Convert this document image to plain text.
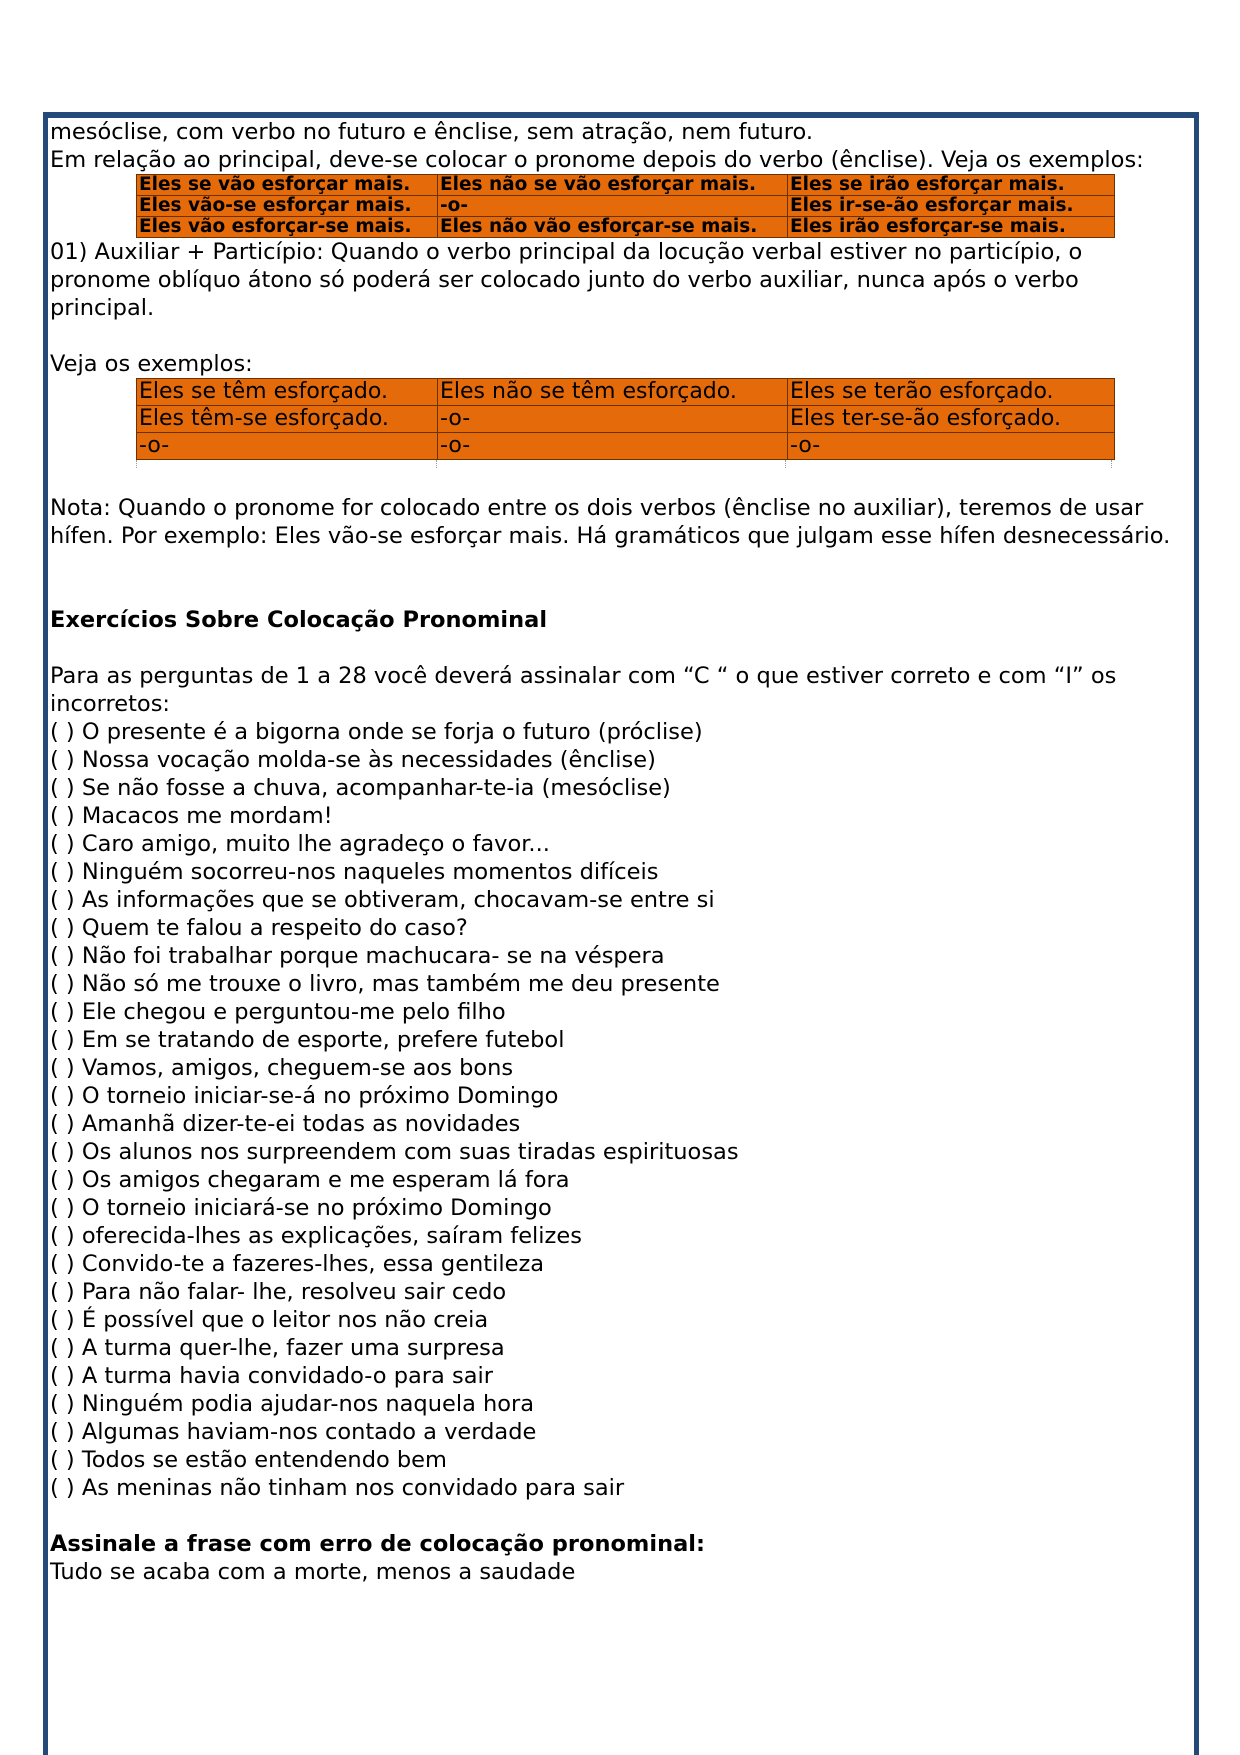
mesóclise, com verbo no futuro e ênclise, sem atração, nem futuro.

Em relação ao principal, deve-se colocar o pronome depois do verbo (ênclise). Veja os exemplos:

Eles se vão esforçar mais.	Eles não se vão esforçar mais.	Eles se irão esforçar mais.
Eles vão-se esforçar mais.	-o-	Eles ir-se-ão esforçar mais.
Eles vão esforçar-se mais.	Eles não vão esforçar-se mais.	Eles irão esforçar-se mais.

01) Auxiliar + Particípio: Quando o verbo principal da locução verbal estiver no particípio, o pronome oblíquo átono só poderá ser colocado junto do verbo auxiliar, nunca após o verbo principal.

Veja os exemplos:

Eles se têm esforçado.	Eles não se têm esforçado.	Eles se terão esforçado.
Eles têm-se esforçado.	-o-	Eles ter-se-ão esforçado.
-o-	-o-	-o-

Nota: Quando o pronome for colocado entre os dois verbos (ênclise no auxiliar), teremos de usar hífen. Por exemplo: Eles vão-se esforçar mais. Há gramáticos que julgam esse hífen desnecessário.

Exercícios Sobre Colocação Pronominal

Para as perguntas de 1 a 28 você deverá assinalar com “C “ o que estiver correto e com “I” os incorretos:

( ) O presente é a bigorna onde se forja o futuro (próclise)

( ) Nossa vocação molda-se às necessidades (ênclise)

( ) Se não fosse a chuva, acompanhar-te-ia (mesóclise)

( ) Macacos me mordam!

( ) Caro amigo, muito lhe agradeço o favor...

( ) Ninguém socorreu-nos naqueles momentos difíceis

( ) As informações que se obtiveram, chocavam-se entre si

( ) Quem te falou a respeito do caso?

( ) Não foi trabalhar porque machucara- se na véspera

( ) Não só me trouxe o livro, mas também me deu presente

( ) Ele chegou e perguntou-me pelo filho

( ) Em se tratando de esporte, prefere futebol

( ) Vamos, amigos, cheguem-se aos bons

( ) O torneio iniciar-se-á no próximo Domingo

( ) Amanhã dizer-te-ei todas as novidades

( ) Os alunos nos surpreendem com suas tiradas espirituosas

( ) Os amigos chegaram e me esperam lá fora

( ) O torneio iniciará-se no próximo Domingo

( ) oferecida-lhes as explicações, saíram felizes

( ) Convido-te a fazeres-lhes, essa gentileza

( ) Para não falar- lhe, resolveu sair cedo

( ) É possível que o leitor nos não creia

( ) A turma quer-lhe, fazer uma surpresa

( ) A turma havia convidado-o para sair

( ) Ninguém podia ajudar-nos naquela hora

( ) Algumas haviam-nos contado a verdade

( ) Todos se estão entendendo bem

( ) As meninas não tinham nos convidado para sair

Assinale a frase com erro de colocação pronominal:

Tudo se acaba com a morte, menos a saudade
